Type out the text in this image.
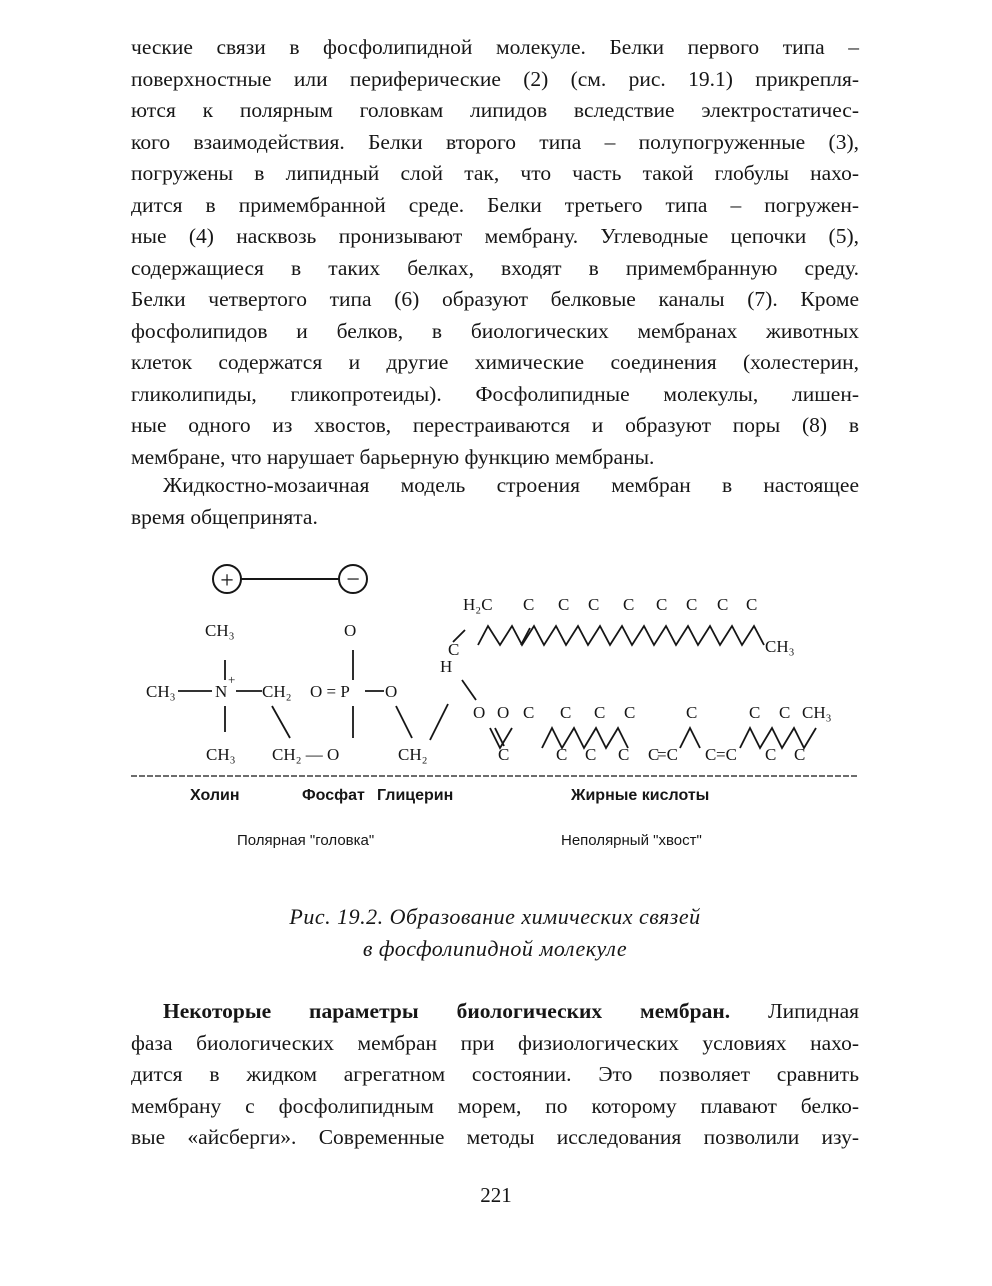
ческие связи в фосфолипидной молекуле. Белки первого типа –
поверхностные или периферические (2) (см. рис. 19.1) прикрепля-
ются к полярным головкам липидов вследствие электростатичес-
кого взаимодействия. Белки второго типа – полупогруженные (3),
погружены в липидный слой так, что часть такой глобулы нахо-
дится в примембранной среде. Белки третьего типа – погружен-
ные (4) насквозь пронизывают мембрану. Углеводные цепочки (5),
содержащиеся в таких белках, входят в примембранную среду.
Белки четвертого типа (6) образуют белковые каналы (7). Кроме
фосфолипидов и белков, в биологических мембранах животных
клеток содержатся и другие химические соединения (холестерин,
гликолипиды, гликопротеиды). Фосфолипидные молекулы, лишен-
ные одного из хвостов, перестраиваются и образуют поры (8) в
мембране, что нарушает барьерную функцию мембраны.
Жидкостно-мозаичная модель строения мембран в настоящее
время общепринята.
+	−
CH₃	O
H₂C C C C C C C C C
C
H
CH₃ N
+
CH₂ O = P O
CH₃ CH₂ — O	CH₂
O O C C C C	C	C C CH₃
C	C C C C
=C C =C C C
CH₃
Холин	Фосфат Глицерин	Жирные кислоты
Полярная "головка"	Неполярный "хвост"
Рис. 19.2. Образование химических связей
в фосфолипидной молекуле
Некоторые параметры биологических мембран. Липидная
фаза биологических мембран при физиологических условиях нахо-
дится в жидком агрегатном состоянии. Это позволяет сравнить
мембрану с фосфолипидным морем, по которому плавают белко-
вые «айсберги». Современные методы исследования позволили изу-
221
